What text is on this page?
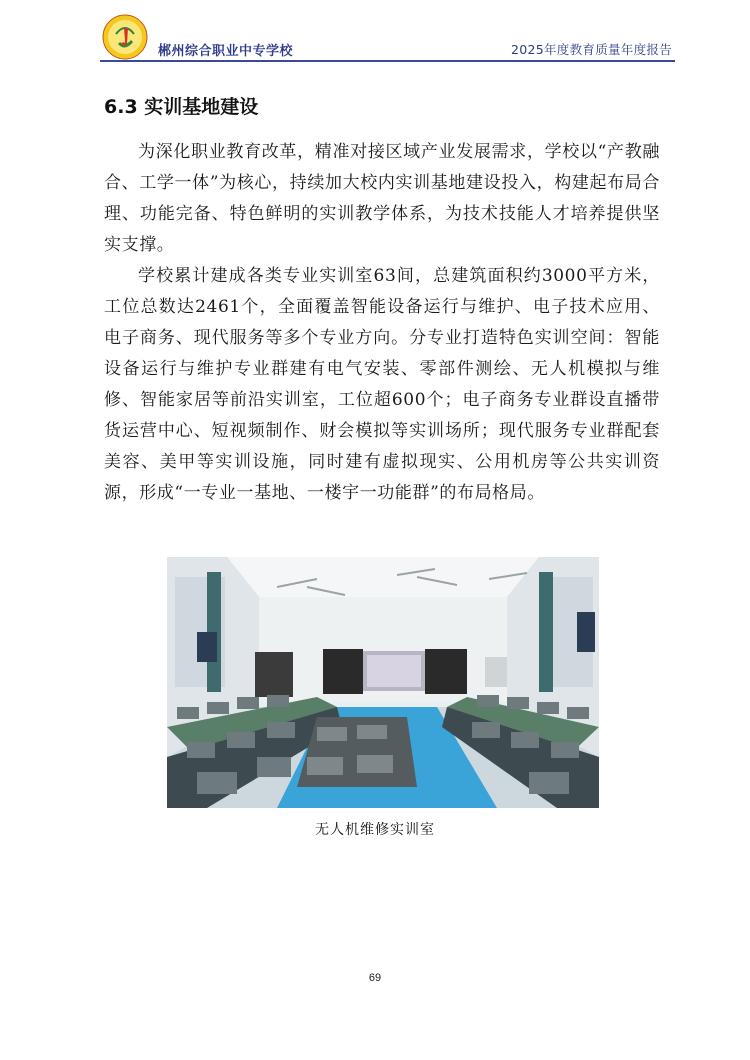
郴州综合职业中专学校	2025年度教育质量年度报告
6.3 实训基地建设

为深化职业教育改革，精准对接区域产业发展需求，学校以“产教融合、工学一体”为核心，持续加大校内实训基地建设投入，构建起布局合理、功能完备、特色鲜明的实训教学体系，为技术技能人才培养提供坚实支撑。

学校累计建成各类专业实训室63间，总建筑面积约3000平方米，工位总数达2461个，全面覆盖智能设备运行与维护、电子技术应用、电子商务、现代服务等多个专业方向。分专业打造特色实训空间：智能设备运行与维护专业群建有电气安装、零部件测绘、无人机模拟与维修、智能家居等前沿实训室，工位超600个；电子商务专业群设直播带货运营中心、短视频制作、财会模拟等实训场所；现代服务专业群配套美容、美甲等实训设施，同时建有虚拟现实、公用机房等公共实训资源，形成“一专业一基地、一楼宇一功能群”的布局格局。

无人机维修实训室
69
